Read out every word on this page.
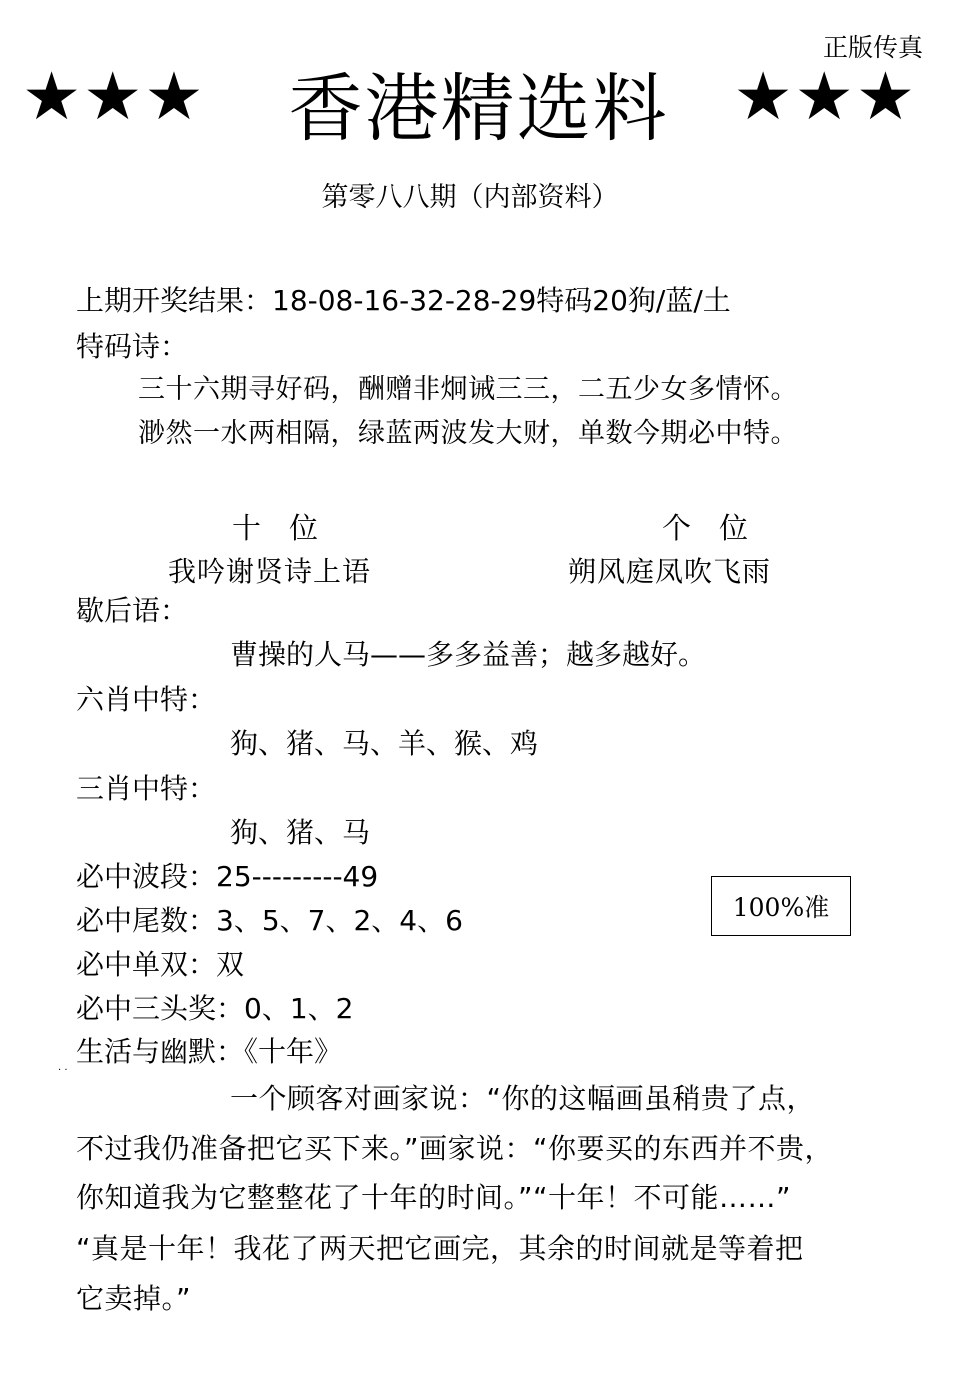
正版传真
★★★	香港精选料 ★★★
第零八八期（内部资料）
上期开奖结果：18-08-16-32-28-29特码20狗/蓝/土
特码诗：
三十六期寻好码，酬赠非炯诫三三，二五少女多情怀。
渺然一水两相隔，绿蓝两波发大财，单数今期必中特。
十位	个位
我吟谢贤诗上语	朔风庭凤吹飞雨
歇后语：
曹操的人马——多多益善；越多越好。
六肖中特：
狗、猪、马、羊、猴、鸡
三肖中特：
狗、猪、马
必中波段：25---------49
必中尾数：3、5、7、2、4、6
必中单双：双
必中三头奖：0、1、2
100%准
生活与幽默：《十年》
. .
一个顾客对画家说：“你的这幅画虽稍贵了点，
不过我仍准备把它买下来。”画家说：“你要买的东西并不贵，
你知道我为它整整花了十年的时间。”“十年！不可能……”
“真是十年！我花了两天把它画完，其余的时间就是等着把
它卖掉。”
